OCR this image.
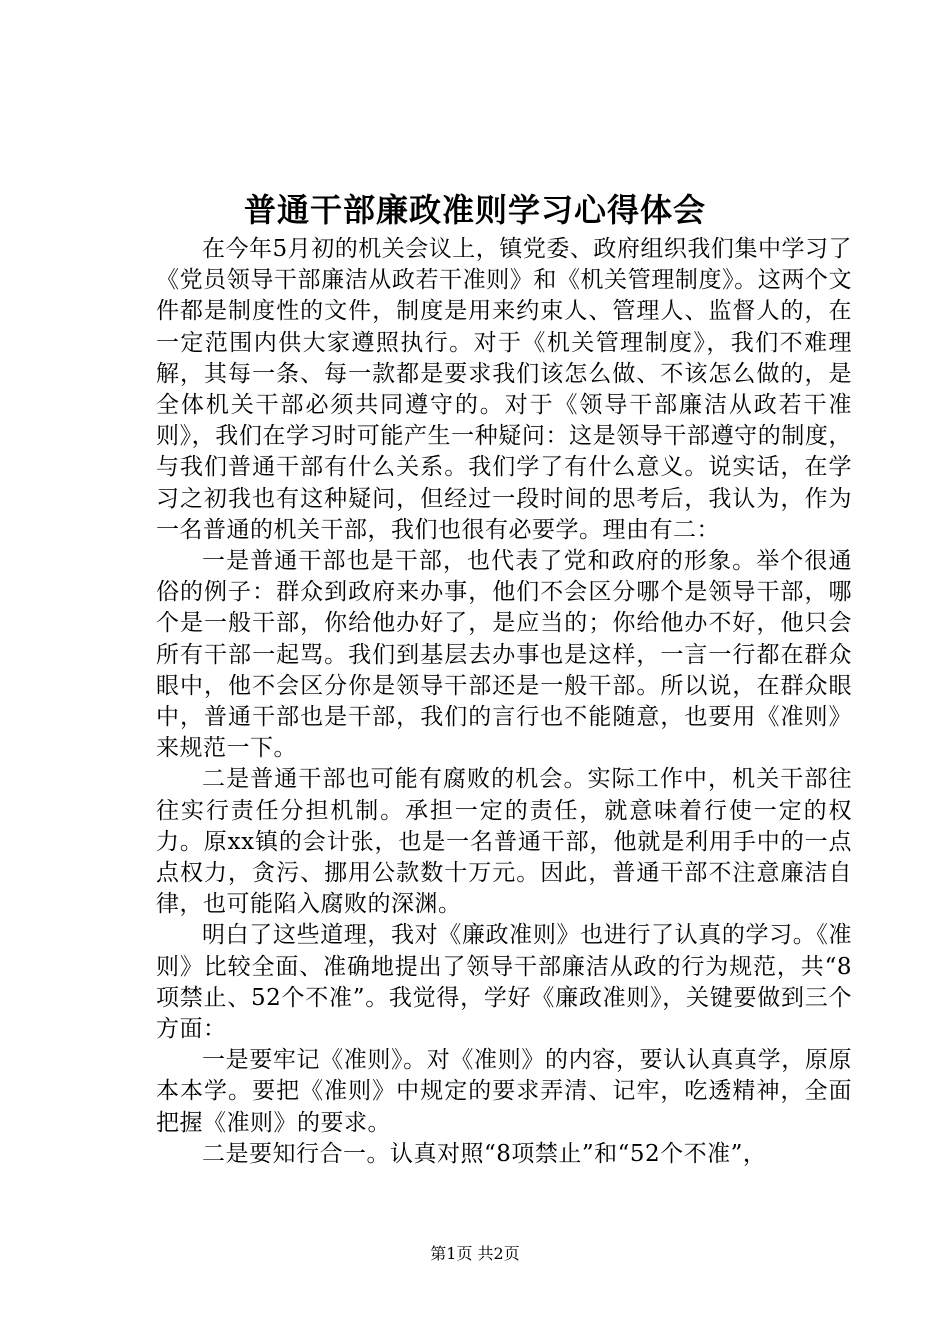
普通干部廉政准则学习心得体会

在今年5月初的机关会议上，镇党委、政府组织我们集中学习了《党员领导干部廉洁从政若干准则》和《机关管理制度》。这两个文件都是制度性的文件，制度是用来约束人、管理人、监督人的，在一定范围内供大家遵照执行。对于《机关管理制度》，我们不难理解，其每一条、每一款都是要求我们该怎么做、不该怎么做的，是全体机关干部必须共同遵守的。对于《领导干部廉洁从政若干准则》，我们在学习时可能产生一种疑问：这是领导干部遵守的制度，与我们普通干部有什么关系。我们学了有什么意义。说实话，在学习之初我也有这种疑问，但经过一段时间的思考后，我认为，作为一名普通的机关干部，我们也很有必要学。理由有二：

一是普通干部也是干部，也代表了党和政府的形象。举个很通俗的例子：群众到政府来办事，他们不会区分哪个是领导干部，哪个是一般干部，你给他办好了，是应当的；你给他办不好，他只会所有干部一起骂。我们到基层去办事也是这样，一言一行都在群众眼中，他不会区分你是领导干部还是一般干部。所以说，在群众眼中，普通干部也是干部，我们的言行也不能随意，也要用《准则》来规范一下。

二是普通干部也可能有腐败的机会。实际工作中，机关干部往往实行责任分担机制。承担一定的责任，就意味着行使一定的权力。原xx镇的会计张，也是一名普通干部，他就是利用手中的一点点权力，贪污、挪用公款数十万元。因此，普通干部不注意廉洁自律，也可能陷入腐败的深渊。

明白了这些道理，我对《廉政准则》也进行了认真的学习。《准则》比较全面、准确地提出了领导干部廉洁从政的行为规范，共“8项禁止、52个不准”。我觉得，学好《廉政准则》，关键要做到三个方面：

一是要牢记《准则》。对《准则》的内容，要认认真真学，原原本本学。要把《准则》中规定的要求弄清、记牢，吃透精神，全面把握《准则》的要求。

二是要知行合一。认真对照“8项禁止”和“52个不准”，

第1页 共2页
